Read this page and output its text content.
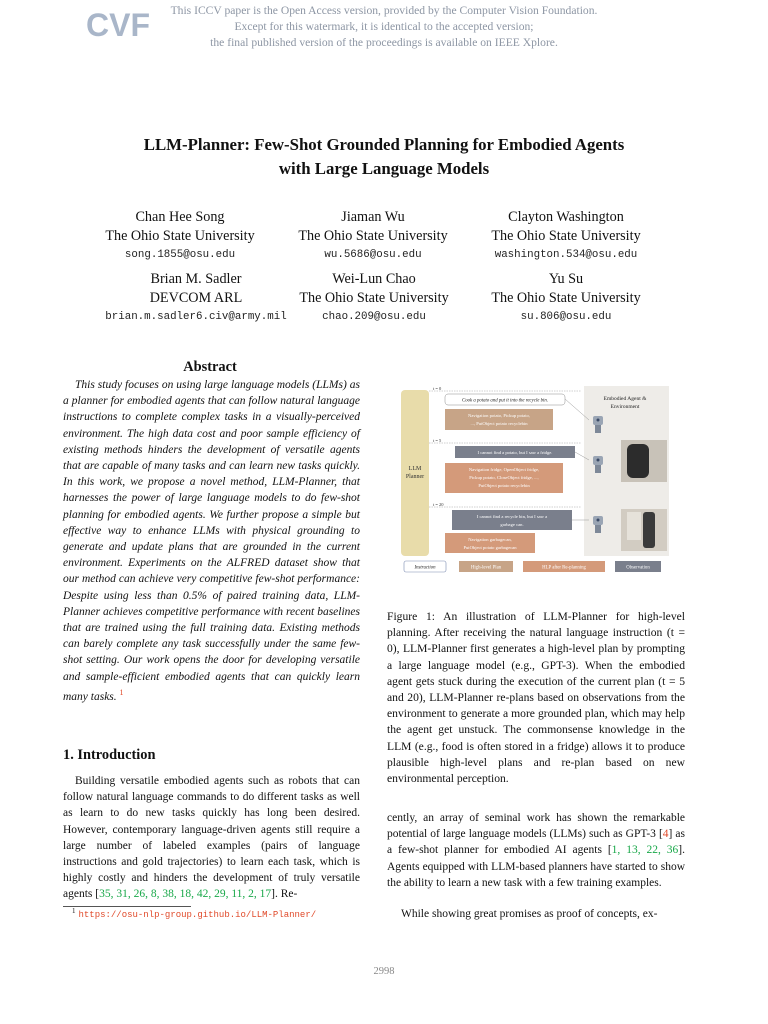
CVF	This ICCV paper is the Open Access version, provided by the Computer Vision Foundation.
Except for this watermark, it is identical to the accepted version;
the final published version of the proceedings is available on IEEE Xplore.
LLM-Planner: Few-Shot Grounded Planning for Embodied Agents
with Large Language Models
Chan Hee Song
The Ohio State University
song.1855@osu.edu
Jiaman Wu
The Ohio State University
wu.5686@osu.edu
Clayton Washington
The Ohio State University
washington.534@osu.edu
Brian M. Sadler
DEVCOM ARL
brian.m.sadler6.civ@army.mil
Wei-Lun Chao
The Ohio State University
chao.209@osu.edu
Yu Su
The Ohio State University
su.806@osu.edu
Abstract
This study focuses on using large language models (LLMs) as a planner for embodied agents that can follow natural language instructions to complete complex tasks in a visually-perceived environment. The high data cost and poor sample efficiency of existing methods hinders the development of versatile agents that are capable of many tasks and can learn new tasks quickly. In this work, we propose a novel method, LLM-Planner, that harnesses the power of large language models to do few-shot planning for embodied agents. We further propose a simple but effective way to enhance LLMs with physical grounding to generate and update plans that are grounded in the current environment. Experiments on the ALFRED dataset show that our method can achieve very competitive few-shot performance: Despite using less than 0.5% of paired training data, LLM-Planner achieves competitive performance with recent baselines that are trained using the full training data. Existing methods can barely complete any task successfully under the same few-shot setting. Our work opens the door for developing versatile and sample-efficient embodied agents that can quickly learn many tasks. $^1$
1. Introduction
Building versatile embodied agents such as robots that can follow natural language commands to do different tasks as well as learn to do new tasks quickly has long been desired. However, contemporary language-driven agents still require a large number of labeled examples (pairs of language instructions and gold trajectories) to learn each task, which is highly costly and hinders the development of truly versatile agents [35, 31, 26, 8, 38, 18, 42, 29, 11, 2, 17]. Re-
$^1$ https://osu-nlp-group.github.io/LLM-Planner/
LLM
Planner
t = 0
t = 5
t = 20
Cook a potato and put it into the recycle bin.
Navigation potato, Pickup potato,
..., PutObject potato recyclebin
I cannot find a potato, but I saw a fridge.
Navigation fridge, OpenObject fridge,
Pickup potato, CloseObject fridge, ...,
PutObject potato recyclebin
I cannot find a recycle bin, but I saw a
garbage can.
Navigation garbagecan,
PutObject potato garbagecan
Embodied Agent &
Environment
Instruction	High-level Plan	HLP after Re-planning	Observation
Figure 1: An illustration of LLM-Planner for high-level planning. After receiving the natural language instruction (t = 0), LLM-Planner first generates a high-level plan by prompting a large language model (e.g., GPT-3). When the embodied agent gets stuck during the execution of the current plan (t = 5 and 20), LLM-Planner re-plans based on observations from the environment to generate a more grounded plan, which may help the agent get unstuck. The commonsense knowledge in the LLM (e.g., food is often stored in a fridge) allows it to produce plausible high-level plans and re-plan based on new environmental perception.
cently, an array of seminal work has shown the remarkable potential of large language models (LLMs) such as GPT-3 [4] as a few-shot planner for embodied AI agents [1, 13, 22, 36]. Agents equipped with LLM-based planners have started to show the ability to learn a new task with a few training examples.
While showing great promises as proof of concepts, ex-
2998
